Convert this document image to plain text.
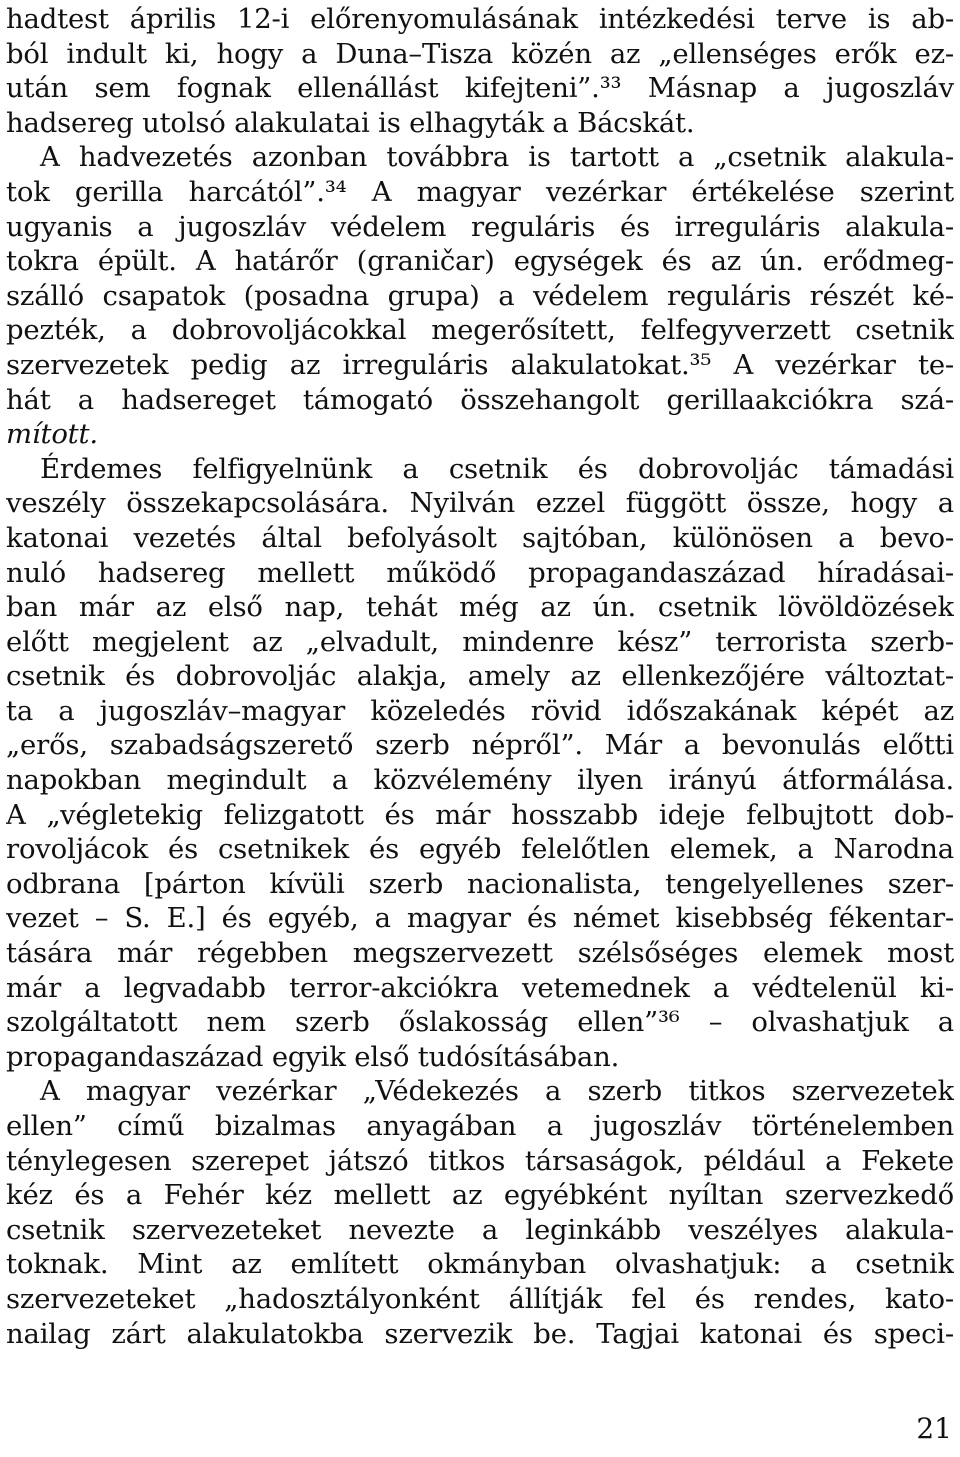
hadtest április 12-i előrenyomulásának intézkedési terve is ab-
ból indult ki, hogy a Duna–Tisza közén az „ellenséges erők ez-
után sem fognak ellenállást kifejteni”.³³ Másnap a jugoszláv
hadsereg utolsó alakulatai is elhagyták a Bácskát.
A hadvezetés azonban továbbra is tartott a „csetnik alakula-
tok gerilla harcától”.³⁴ A magyar vezérkar értékelése szerint
ugyanis a jugoszláv védelem reguláris és irreguláris alakula-
tokra épült. A határőr (graničar) egységek és az ún. erődmeg-
szálló csapatok (posadna grupa) a védelem reguláris részét ké-
pezték, a dobrovoljácokkal megerősített, felfegyverzett csetnik
szervezetek pedig az irreguláris alakulatokat.³⁵ A vezérkar te-
hát a hadsereget támogató összehangolt gerillaakciókra szá-
mított.
Érdemes felfigyelnünk a csetnik és dobrovoljác támadási
veszély összekapcsolására. Nyilván ezzel függött össze, hogy a
katonai vezetés által befolyásolt sajtóban, különösen a bevo-
nuló hadsereg mellett működő propagandaszázad híradásai-
ban már az első nap, tehát még az ún. csetnik lövöldözések
előtt megjelent az „elvadult, mindenre kész” terrorista szerb-
csetnik és dobrovoljác alakja, amely az ellenkezőjére változtat-
ta a jugoszláv–magyar közeledés rövid időszakának képét az
„erős, szabadságszerető szerb népről”. Már a bevonulás előtti
napokban megindult a közvélemény ilyen irányú átformálása.
A „végletekig felizgatott és már hosszabb ideje felbujtott dob-
rovoljácok és csetnikek és egyéb felelőtlen elemek, a Narodna
odbrana [párton kívüli szerb nacionalista, tengelyellenes szer-
vezet – S. E.] és egyéb, a magyar és német kisebbség fékentar-
tására már régebben megszervezett szélsőséges elemek most
már a legvadabb terror-akciókra vetemednek a védtelenül ki-
szolgáltatott nem szerb őslakosság ellen”³⁶ – olvashatjuk a
propagandaszázad egyik első tudósításában.
A magyar vezérkar „Védekezés a szerb titkos szervezetek
ellen” című bizalmas anyagában a jugoszláv történelemben
ténylegesen szerepet játszó titkos társaságok, például a Fekete
kéz és a Fehér kéz mellett az egyébként nyíltan szervezkedő
csetnik szervezeteket nevezte a leginkább veszélyes alakula-
toknak. Mint az említett okmányban olvashatjuk: a csetnik
szervezeteket „hadosztályonként állítják fel és rendes, kato-
nailag zárt alakulatokba szervezik be. Tagjai katonai és speci-
21
